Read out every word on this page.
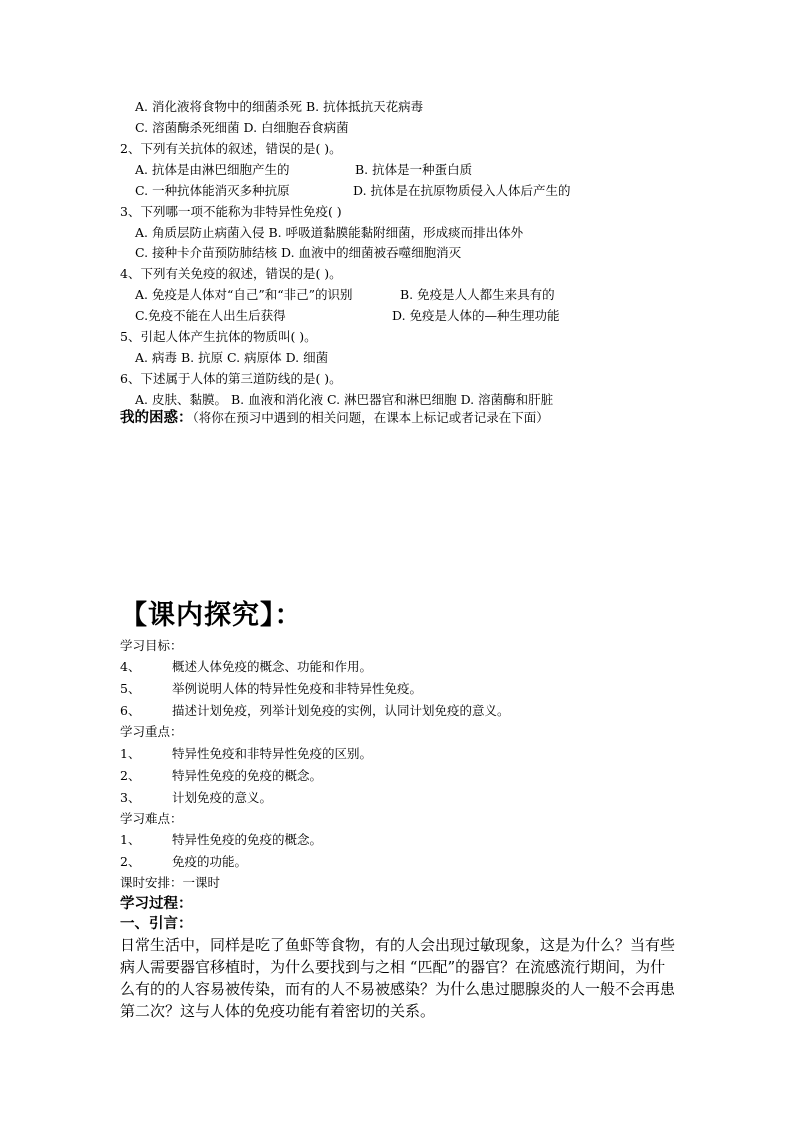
A. 消化液将食物中的细菌杀死 B. 抗体抵抗天花病毒
C. 溶菌酶杀死细菌 D. 白细胞吞食病菌
2、下列有关抗体的叙述，错误的是( )。
A. 抗体是由淋巴细胞产生的	B. 抗体是一种蛋白质
C. 一种抗体能消灭多种抗原	D. 抗体是在抗原物质侵入人体后产生的
3、下列哪一项不能称为非特异性免疫( )
A. 角质层防止病菌入侵 B. 呼吸道黏膜能黏附细菌，形成痰而排出体外
C. 接种卡介苗预防肺结核 D. 血液中的细菌被吞噬细胞消灭
4、下列有关免疫的叙述，错误的是( )。
A. 免疫是人体对“自己”和“非己”的识别	B. 免疫是人人都生来具有的
C.免疫不能在人出生后获得	D. 免疫是人体的—种生理功能
5、引起人体产生抗体的物质叫( )。
A. 病毒 B. 抗原 C. 病原体 D. 细菌
6、下述属于人体的第三道防线的是( )。
A. 皮肤、黏膜。 B. 血液和消化液 C. 淋巴器官和淋巴细胞 D. 溶菌酶和肝脏
我的困惑：（将你在预习中遇到的相关问题，在课本上标记或者记录在下面）
【课内探究】：
学习目标：
4、	概述人体免疫的概念、功能和作用。
5、	举例说明人体的特异性免疫和非特异性免疫。
6、	描述计划免疫，列举计划免疫的实例，认同计划免疫的意义。
学习重点：
1、	特异性免疫和非特异性免疫的区别。
2、	特异性免疫的免疫的概念。
3、	计划免疫的意义。
学习难点：
1、	特异性免疫的免疫的概念。
2、	免疫的功能。
课时安排：一课时
学习过程：
一、引言：
日常生活中，同样是吃了鱼虾等食物，有的人会出现过敏现象，这是为什么？当有些病人需要器官移植时，为什么要找到与之相 “匹配”的器官？在流感流行期间，为什么有的的人容易被传染，而有的人不易被感染？为什么患过腮腺炎的人一般不会再患第二次？这与人体的免疫功能有着密切的关系。
